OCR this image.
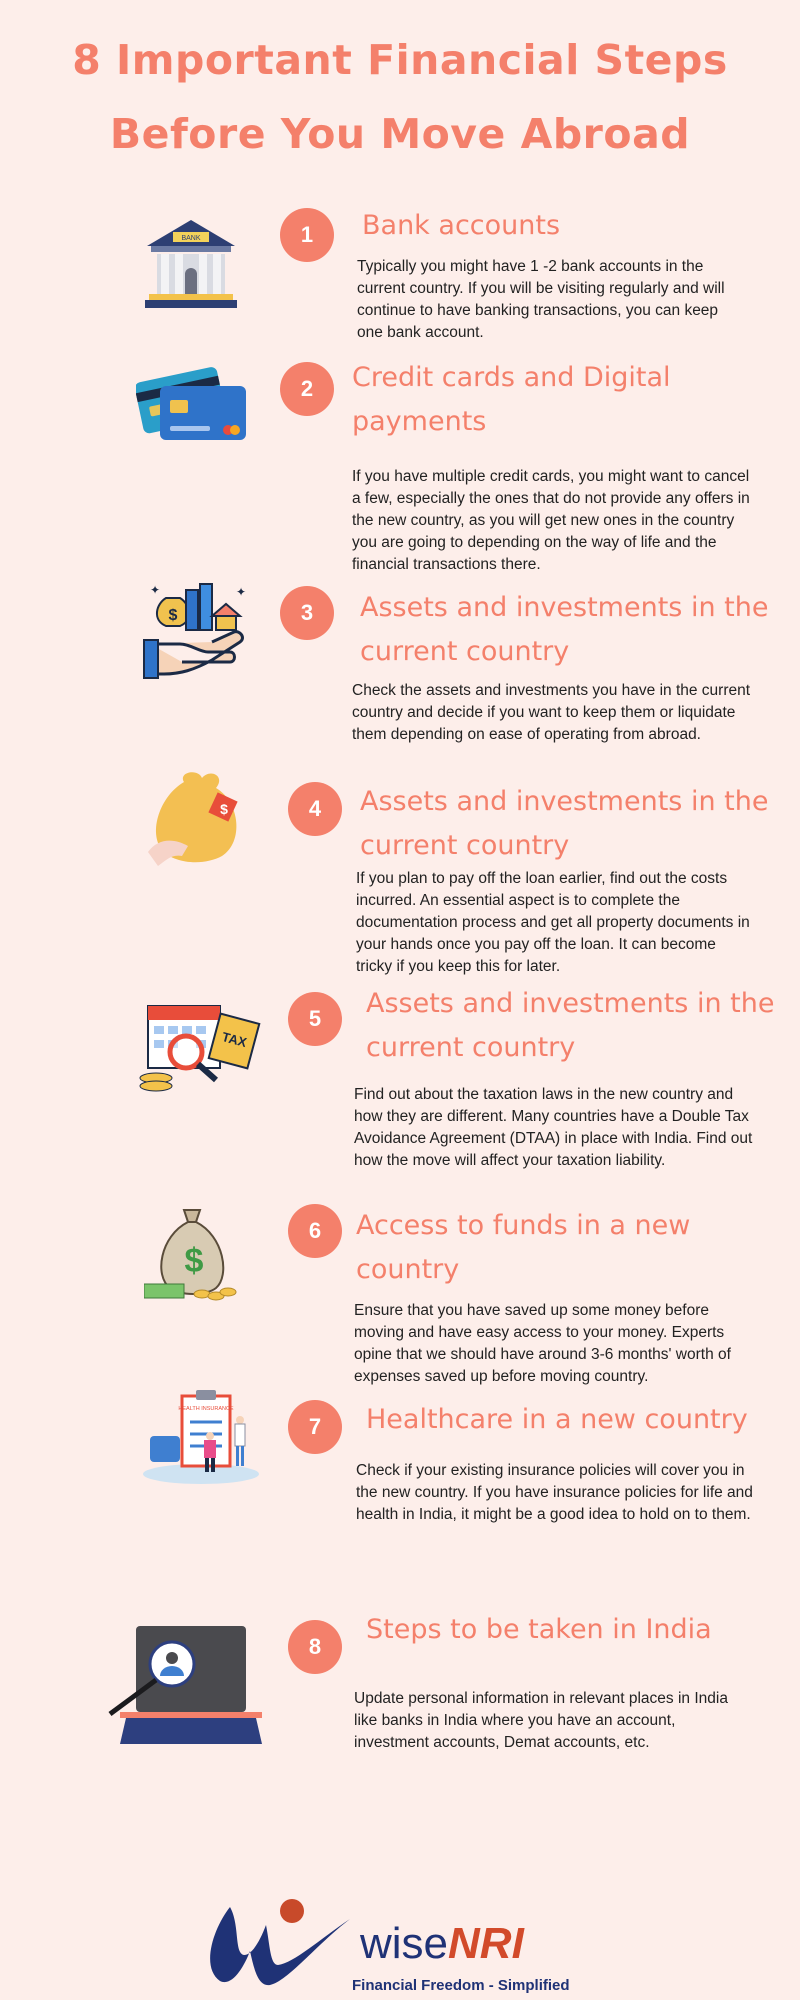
8 Important Financial Steps
Before You Move Abroad
BANK	1	Bank accounts
Typically you might have 1 -2 bank accounts in the current country. If you will be visiting regularly and will continue to have banking transactions, you can keep one bank account.
2	Credit cards and Digital payments
If you have multiple credit cards, you might want to cancel a few, especially the ones that do not provide any offers in the new country, as you will get new ones in the country you are going to depending on the way of life and the financial transactions there.
$
✦	✦
3	Assets and investments in the current country
Check the assets and investments you have in the current country and decide if you want to keep them or liquidate them depending on ease of operating from abroad.
$	4	Assets and investments in the current country
If you plan to pay off the loan earlier, find out the costs incurred. An essential aspect is to complete the documentation process and get all property documents in your hands once you pay off the loan. It can become tricky if you keep this for later.
TAX
5	Assets and investments in the current country
Find out about the taxation laws in the new country and how they are different. Many countries have a Double Tax Avoidance Agreement (DTAA) in place with India. Find out how the move will affect your taxation liability.
$
6	Access to funds in a new country
Ensure that you have saved up some money before moving and have easy access to your money. Experts opine that we should have around 3-6 months' worth of expenses saved up before moving country.
HEALTH INSURANCE
7	Healthcare in a new country
Check if your existing insurance policies will cover you in the new country. If you have insurance policies for life and health in India, it might be a good idea to hold on to them.
8
Steps to be taken in India
Update personal information in relevant places in India like banks in India where you have an account, investment accounts, Demat accounts, etc.
wiseNRI
Financial Freedom - Simplified
